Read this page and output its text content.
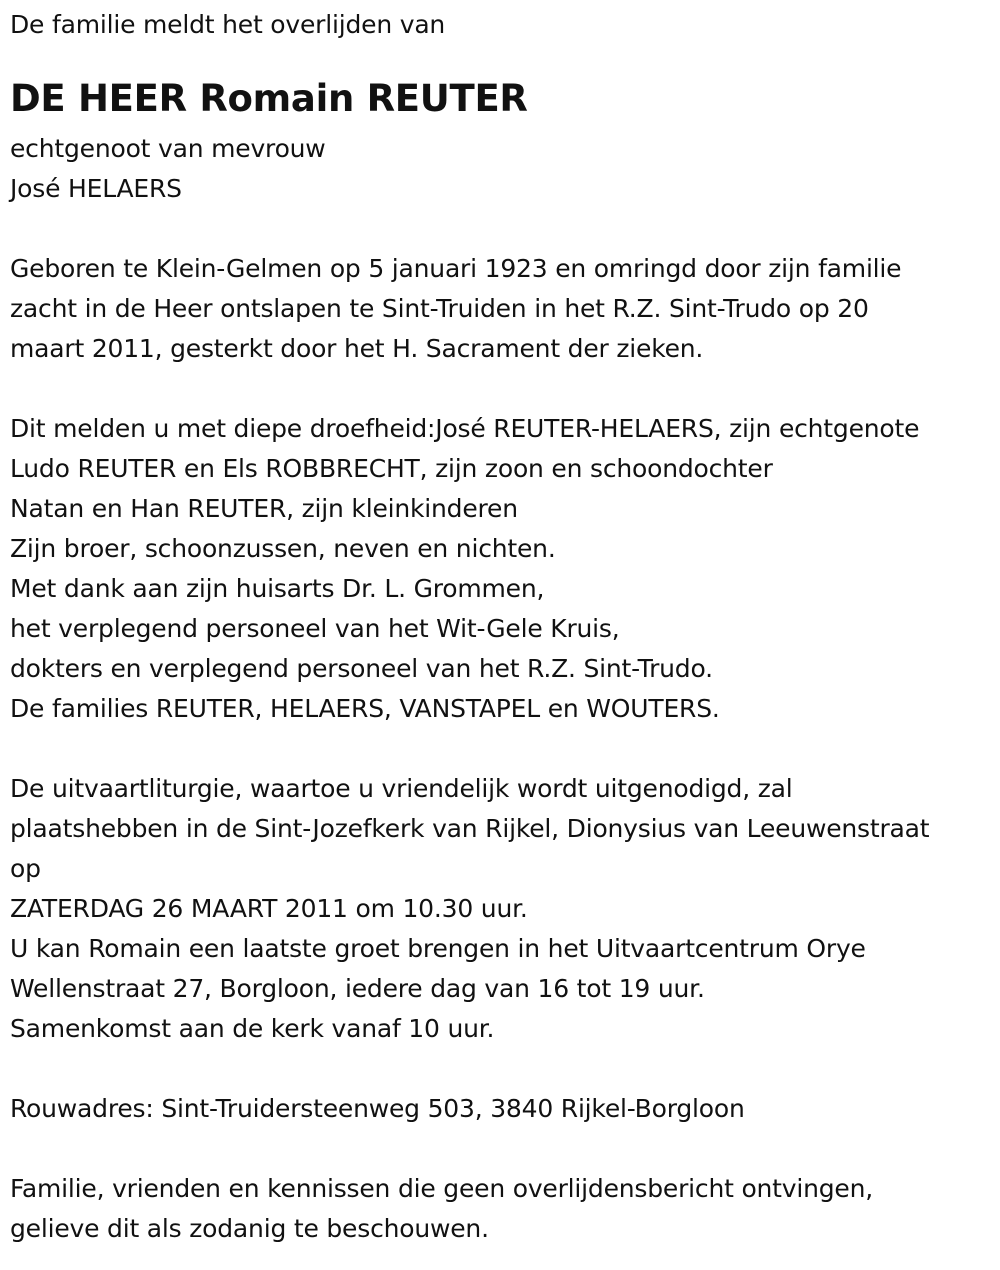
De familie meldt het overlijden van
DE HEER Romain REUTER
echtgenoot van mevrouw
José HELAERS
Geboren te Klein-Gelmen op 5 januari 1923 en omringd door zijn familie
zacht in de Heer ontslapen te Sint-Truiden in het R.Z. Sint-Trudo op 20
maart 2011, gesterkt door het H. Sacrament der zieken.
Dit melden u met diepe droefheid:José REUTER-HELAERS, zijn echtgenote
Ludo REUTER en Els ROBBRECHT, zijn zoon en schoondochter
Natan en Han REUTER, zijn kleinkinderen
Zijn broer, schoonzussen, neven en nichten.
Met dank aan zijn huisarts Dr. L. Grommen,
het verplegend personeel van het Wit-Gele Kruis,
dokters en verplegend personeel van het R.Z. Sint-Trudo.
De families REUTER, HELAERS, VANSTAPEL en WOUTERS.
De uitvaartliturgie, waartoe u vriendelijk wordt uitgenodigd, zal
plaatshebben in de Sint-Jozefkerk van Rijkel, Dionysius van Leeuwenstraat
op
ZATERDAG 26 MAART 2011 om 10.30 uur.
U kan Romain een laatste groet brengen in het Uitvaartcentrum Orye
Wellenstraat 27, Borgloon, iedere dag van 16 tot 19 uur.
Samenkomst aan de kerk vanaf 10 uur.
Rouwadres: Sint-Truidersteenweg 503, 3840 Rijkel-Borgloon
Familie, vrienden en kennissen die geen overlijdensbericht ontvingen,
gelieve dit als zodanig te beschouwen.
